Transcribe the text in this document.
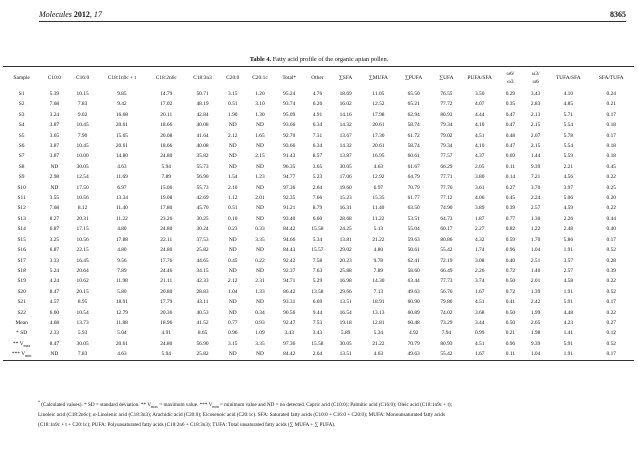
Molecules 2012, 17	8365
Table 4. Fatty acid profile of the organic apian pollen.
Sample	C10:0	C16:0	C18:1n9c + t	C18:2n6c	C18:3n3	C20:0	C20:1c	Total*	Other	∑SFA	∑MUFA	∑PUFA	∑UFA	PUFA/SFA	ω6/
ω3	ω3/
ω6	TUFA/SFA	SFA/TUFA

S1	5.39	10.15	9.85	14.79	50.71	3.15	1.20	95.24	4.76	18.69	11.05	65.50	76.55	3.50	0.29	3.43	4.10	0.24
S2	7.68	7.83	9.42	17.02	48.19	0.51	3.10	93.74	6.26	16.02	12.52	65.21	77.72	4.07	0.35	2.83	4.85	0.21
S3	3.24	9.02	16.68	20.11	42.84	1.90	1.30	95.09	4.91	14.16	17.98	62.94	80.93	4.44	0.47	2.13	5.71	0.17
S4	3.87	10.45	20.61	18.66	40.08	ND	ND	93.66	6.34	14.32	20.61	58.74	79.34	4.10	0.47	2.15	5.54	0.18
S5	3.65	7.90	15.65	20.08	41.64	2.12	1.65	92.70	7.31	13.67	17.30	61.72	79.02	4.51	0.48	2.07	5.78	0.17
S6	3.87	10.45	20.61	18.66	40.08	ND	ND	93.66	6.34	14.32	20.61	58.74	79.34	4.10	0.47	2.15	5.54	0.18
S7	3.87	10.00	14.80	24.80	35.82	ND	2.15	91.43	8.57	13.87	16.95	60.61	77.57	4.37	0.69	1.44	5.59	0.18
S8	ND	30.05	4.63	5.94	55.73	ND	ND	96.35	3.65	30.05	4.63	61.67	66.29	2.05	0.11	9.39	2.21	0.45
S9	2.98	12.54	11.69	7.89	56.90	1.54	1.23	94.77	5.23	17.06	12.92	64.79	77.71	3.80	0.14	7.21	4.56	0.22
S10	ND	17.50	6.97	15.06	55.73	2.10	ND	97.36	2.64	19.60	6.97	70.79	77.76	3.61	0.27	3.70	3.97	0.25
S11	3.55	10.56	13.34	19.08	42.69	1.12	2.01	92.35	7.66	15.23	15.35	61.77	77.12	4.06	0.45	2.24	5.06	0.20
S12	7.68	8.12	11.40	17.80	45.70	0.51	ND	91.21	8.79	16.31	11.40	63.50	74.90	3.89	0.39	2.57	4.59	0.22
S13	8.27	20.31	11.22	23.26	30.25	0.10	ND	93.40	6.60	28.68	11.22	53.51	64.73	1.87	0.77	1.30	2.26	0.44
S14	6.87	17.15	4.80	24.80	30.24	0.23	0.33	84.42	15.58	24.25	5.13	55.04	60.17	2.27	0.82	1.22	2.48	0.40
S15	3.25	10.56	17.88	22.11	37.53	ND	3.35	94.66	5.34	13.81	21.22	59.63	80.86	4.32	0.59	1.70	5.86	0.17
S16	6.87	22.15	4.80	24.80	25.82	ND	ND	84.43	15.57	29.02	4.80	50.61	55.42	1.74	0.96	1.04	1.91	0.52
S17	3.33	16.45	9.56	17.76	44.65	0.45	0.22	92.42	7.58	20.23	9.78	62.41	72.19	3.08	0.40	2.51	3.57	0.28
S18	5.24	20.64	7.89	24.46	34.15	ND	ND	92.37	7.63	25.88	7.89	58.60	66.49	2.26	0.72	1.40	2.57	0.39
S19	4.24	10.62	11.98	21.11	42.33	2.12	2.31	94.71	5.29	16.98	14.30	63.44	77.73	3.74	0.50	2.01	4.58	0.22
S20	8.47	20.15	5.80	20.80	28.83	1.04	1.33	86.42	13.58	29.66	7.13	49.63	56.76	1.67	0.72	1.39	1.91	0.52
S21	4.57	8.95	18.91	17.79	43.11	ND	ND	93.31	6.69	13.51	18.91	60.90	79.80	4.51	0.41	2.42	5.91	0.17
S22	6.00	10.54	12.79	20.36	40.53	ND	0.34	90.56	9.44	16.54	13.13	60.89	74.02	3.68	0.50	1.99	4.48	0.22
Mean	4.68	13.73	11.88	18.96	41.52	0.77	0.93	92.47	7.53	19.18	12.81	60.48	73.29	3.44	0.50	2.65	4.23	0.27
* SD	2.33	5.93	5.04	4.91	8.65	0.96	1.09	3.43	3.43	5.89	5.34	4.92	7.94	0.99	0.21	1.98	1.41	0.12
** $V_{max}$	8.47	30.05	20.61	24.80	56.90	3.15	3.35	97.36	15.58	30.05	21.22	70.79	80.93	4.51	0.96	9.39	5.91	0.52
*** $V_{min}$	ND	7.83	4.63	5.94	25.82	ND	ND	84.42	2.64	13.51	4.63	49.63	55.42	1.67	0.11	1.04	1.91	0.17
* (Calculated values). * SD = standard deviation. ** $V_{max}$ = maximum value. *** $V_{min}$ = minimum value and ND = no detected. Capric acid (C10:0); Palmitic acid (C16:0); Oleic acid (C18:1n9c + t);
Linoleic acid (C18:2n6c); α-Linolenic acid (C18:3n3); Arachidic acid (C20:0); Eicosenoic acid (C20:1c). SFA: Saturated fatty acids (C10:0 + C16:0 + C20:0); MUFA: Monounsaturated fatty acids
(C18:1n9c + t + C20:1c); PUFA: Polyunsaturated fatty acids (C18:2n6 + C18:3n3); TUFA: Total unsaturated fatty acids (∑ MUFA + ∑ PUFA).
